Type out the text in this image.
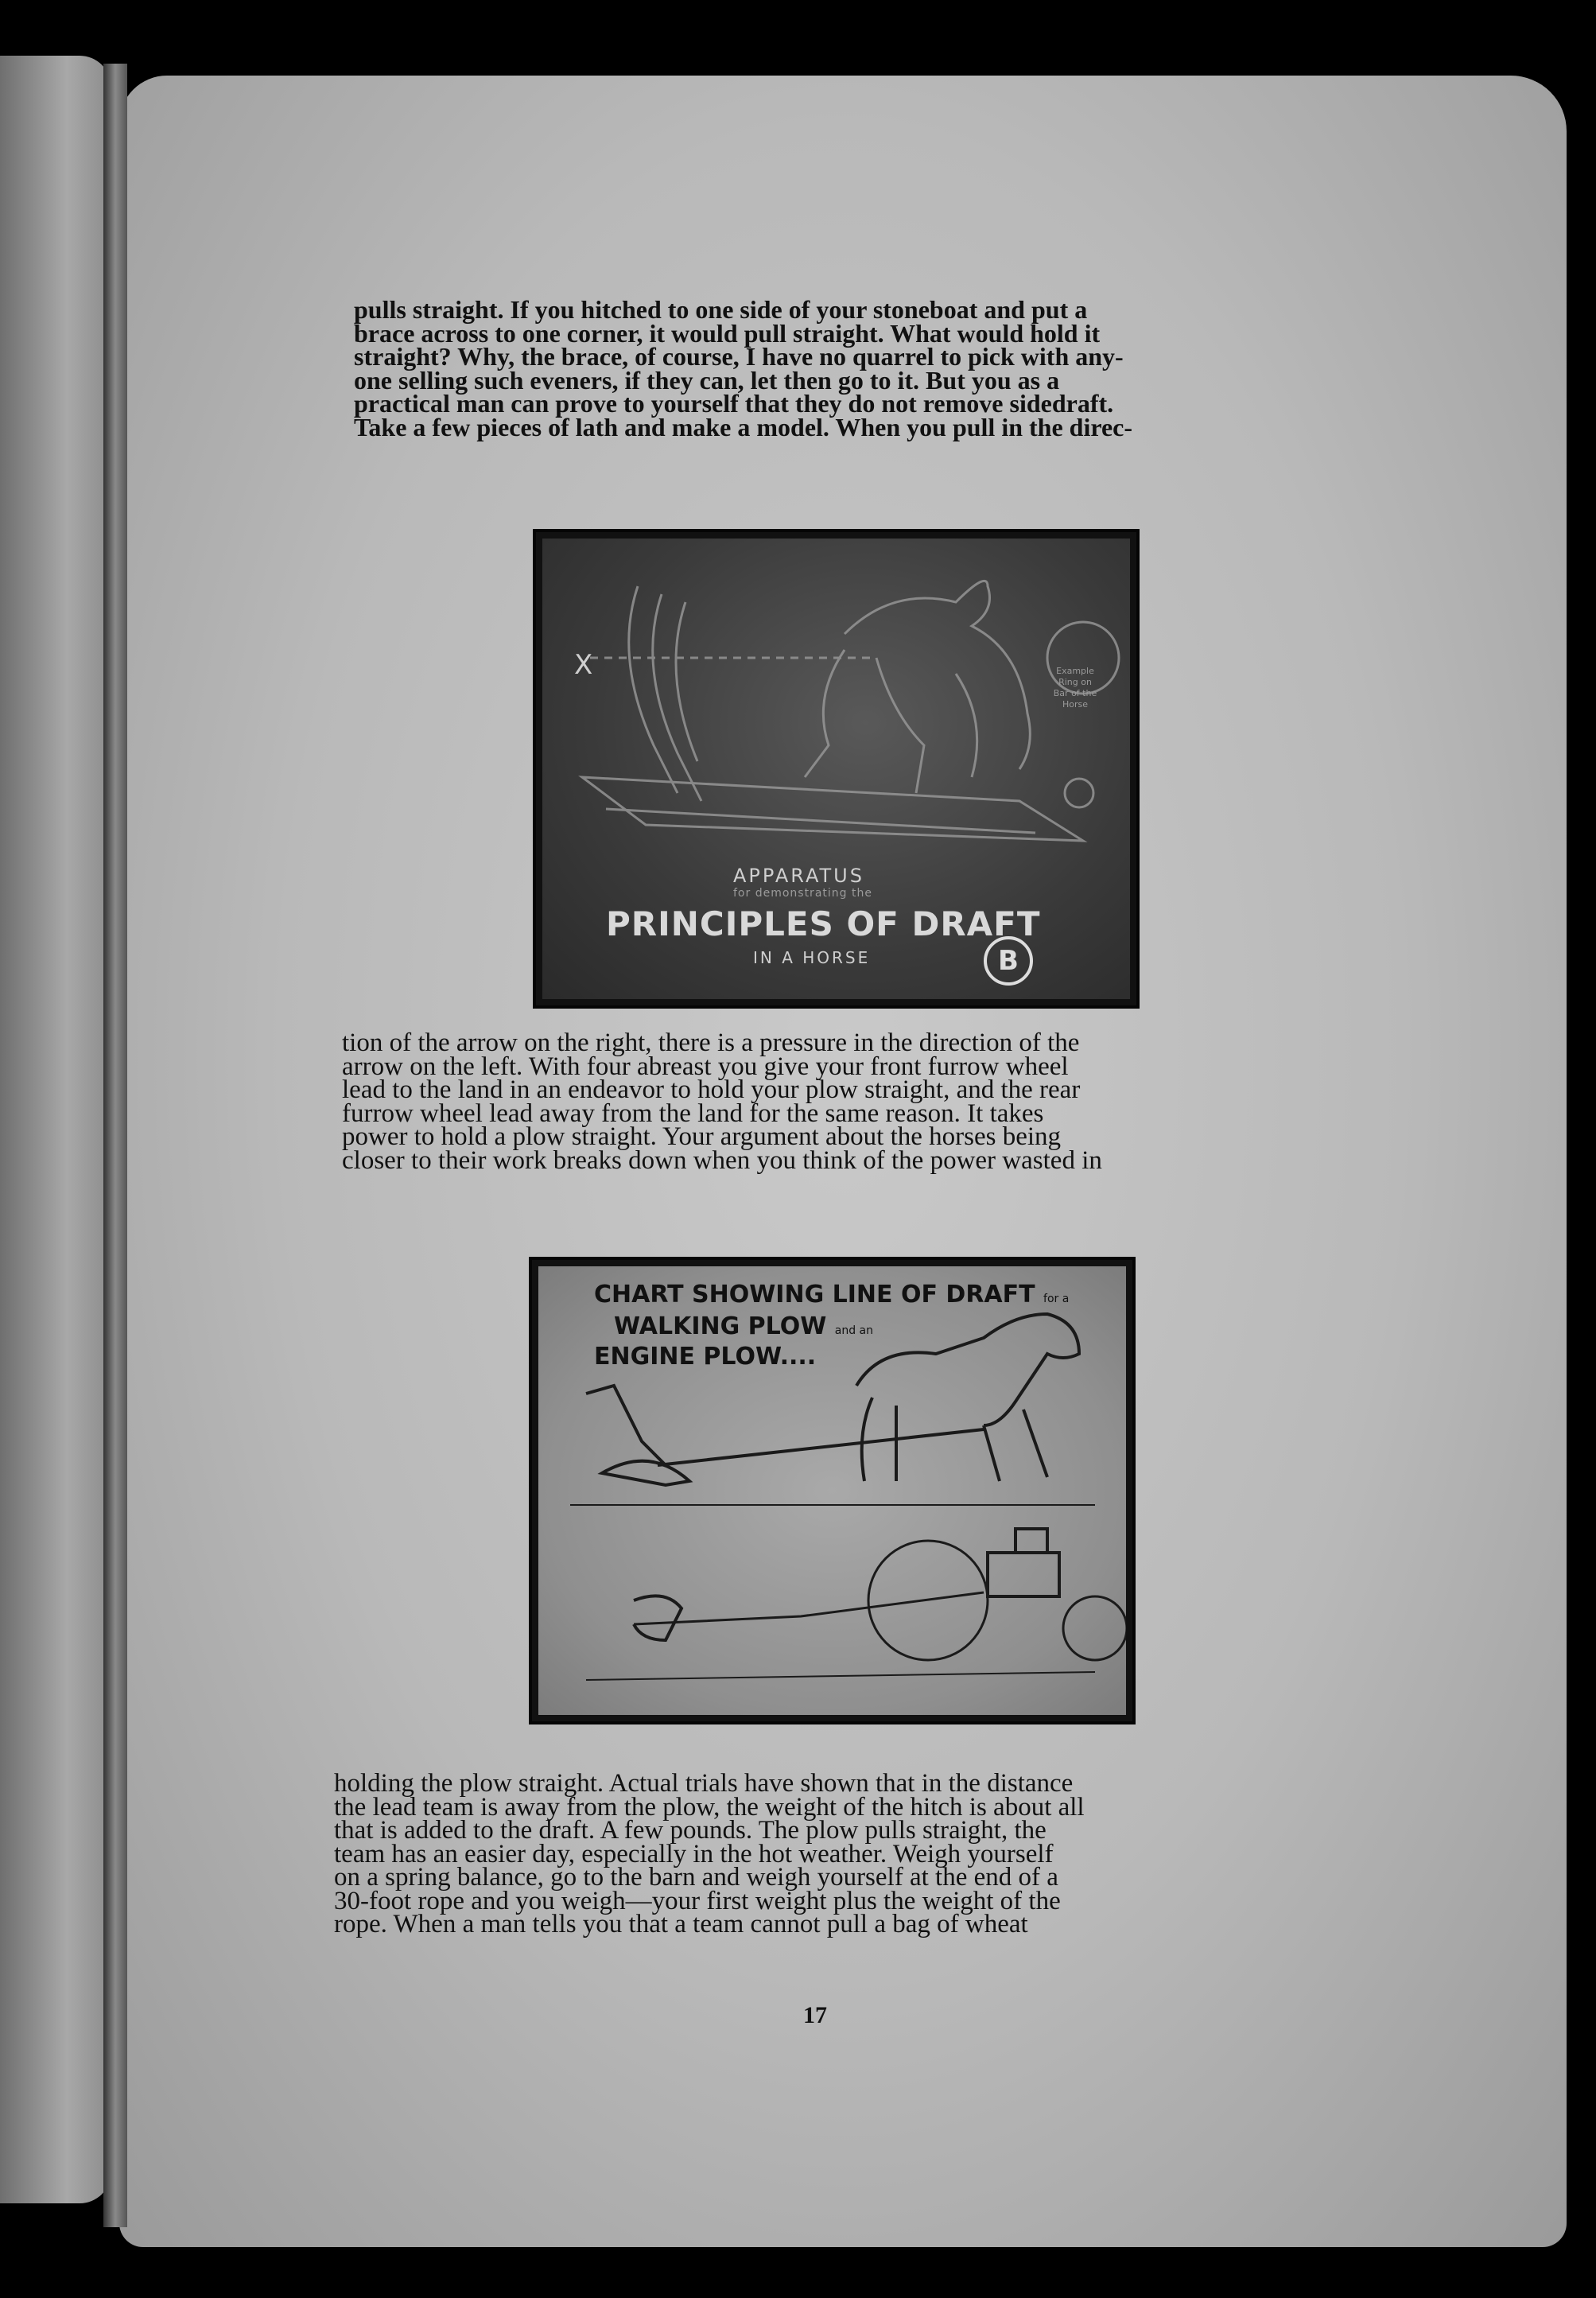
pulls straight. If you hitched to one side of your stoneboat and put a
brace across to one corner, it would pull straight. What would hold it
straight? Why, the brace, of course, I have no quarrel to pick with any-
one selling such eveners, if they can, let then go to it. But you as a
practical man can prove to yourself that they do not remove sidedraft.
Take a few pieces of lath and make a model. When you pull in the direc-
X	Example Ring on Bar of the Horse
APPARATUS
for demonstrating the
PRINCIPLES OF DRAFT
IN A HORSE	B
tion of the arrow on the right, there is a pressure in the direction of the
arrow on the left. With four abreast you give your front furrow wheel
lead to the land in an endeavor to hold your plow straight, and the rear
furrow wheel lead away from the land for the same reason. It takes
power to hold a plow straight. Your argument about the horses being
closer to their work breaks down when you think of the power wasted in
CHART SHOWING LINE OF DRAFT for a
WALKING PLOW and an
ENGINE PLOW....
holding the plow straight. Actual trials have shown that in the distance
the lead team is away from the plow, the weight of the hitch is about all
that is added to the draft. A few pounds. The plow pulls straight, the
team has an easier day, especially in the hot weather. Weigh yourself
on a spring balance, go to the barn and weigh yourself at the end of a
30-foot rope and you weigh—your first weight plus the weight of the
rope. When a man tells you that a team cannot pull a bag of wheat
17
